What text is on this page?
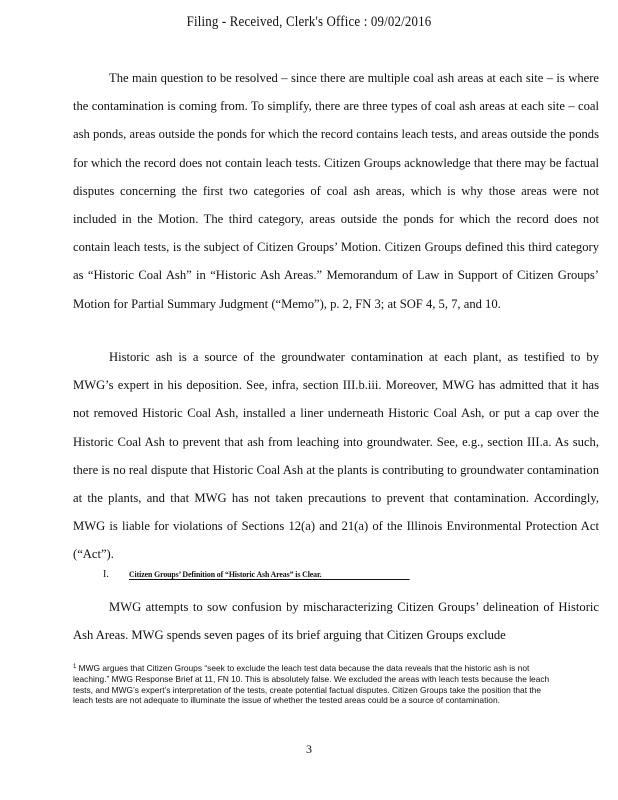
Filing - Received, Clerk's Office : 09/02/2016

The main question to be resolved – since there are multiple coal ash areas at each site – is where the contamination is coming from. To simplify, there are three types of coal ash areas at each site – coal ash ponds, areas outside the ponds for which the record contains leach tests, and areas outside the ponds for which the record does not contain leach tests. Citizen Groups acknowledge that there may be factual disputes concerning the first two categories of coal ash areas, which is why those areas were not included in the Motion. The third category, areas outside the ponds for which the record does not contain leach tests, is the subject of Citizen Groups’ Motion. Citizen Groups defined this third category as “Historic Coal Ash” in “Historic Ash Areas.” Memorandum of Law in Support of Citizen Groups’ Motion for Partial Summary Judgment (“Memo”), p. 2, FN 3; at SOF 4, 5, 7, and 10.

Historic ash is a source of the groundwater contamination at each plant, as testified to by MWG’s expert in his deposition. See, infra, section III.b.iii. Moreover, MWG has admitted that it has not removed Historic Coal Ash, installed a liner underneath Historic Coal Ash, or put a cap over the Historic Coal Ash to prevent that ash from leaching into groundwater. See, e.g., section III.a. As such, there is no real dispute that Historic Coal Ash at the plants is contributing to groundwater contamination at the plants, and that MWG has not taken precautions to prevent that contamination. Accordingly, MWG is liable for violations of Sections 12(a) and 21(a) of the Illinois Environmental Protection Act (“Act”).

I. Citizen Groups’ Definition of “Historic Ash Areas” is Clear.

MWG attempts to sow confusion by mischaracterizing Citizen Groups’ delineation of Historic Ash Areas. MWG spends seven pages of its brief arguing that Citizen Groups exclude

$^1$ MWG argues that Citizen Groups “seek to exclude the leach test data because the data reveals that the historic ash is not leaching.” MWG Response Brief at 11, FN 10. This is absolutely false. We excluded the areas with leach tests because the leach tests, and MWG’s expert’s interpretation of the tests, create potential factual disputes. Citizen Groups take the position that the leach tests are not adequate to illuminate the issue of whether the tested areas could be a source of contamination.
3
